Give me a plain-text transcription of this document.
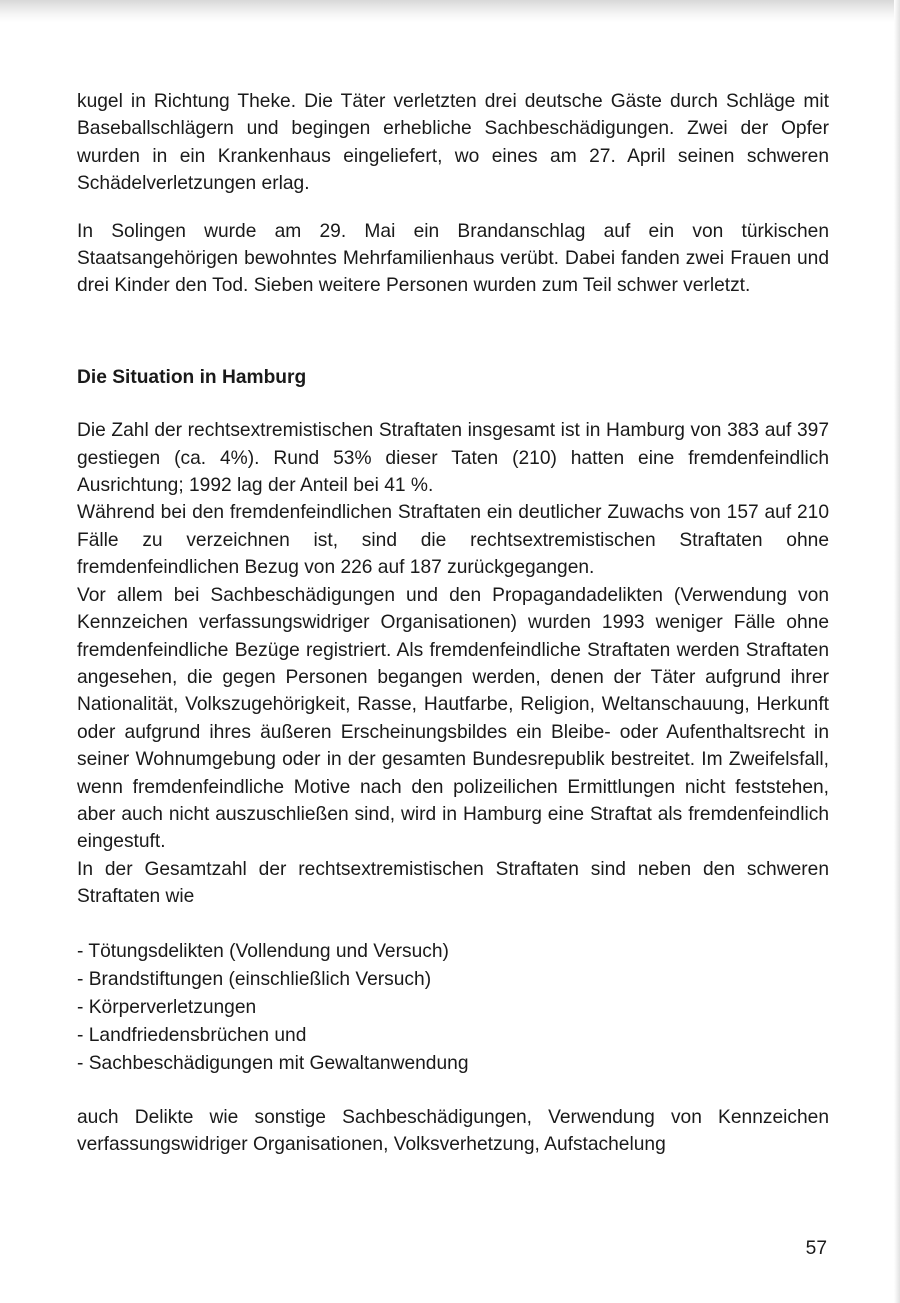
kugel in Richtung Theke. Die Täter verletzten drei deutsche Gäste durch Schläge mit Baseballschlägern und begingen erhebliche Sachbeschädigungen. Zwei der Opfer wurden in ein Krankenhaus eingeliefert, wo eines am 27. April seinen schweren Schädelverletzungen erlag.

In Solingen wurde am 29. Mai ein Brandanschlag auf ein von türkischen Staatsangehörigen bewohntes Mehrfamilienhaus verübt. Dabei fanden zwei Frauen und drei Kinder den Tod. Sieben weitere Personen wurden zum Teil schwer verletzt.

Die Situation in Hamburg

Die Zahl der rechtsextremistischen Straftaten insgesamt ist in Hamburg von 383 auf 397 gestiegen (ca. 4%). Rund 53% dieser Taten (210) hatten eine fremdenfeindlich Ausrichtung; 1992 lag der Anteil bei 41 %.

Während bei den fremdenfeindlichen Straftaten ein deutlicher Zuwachs von 157 auf 210 Fälle zu verzeichnen ist, sind die rechtsextremistischen Straftaten ohne fremdenfeindlichen Bezug von 226 auf 187 zurückgegangen.

Vor allem bei Sachbeschädigungen und den Propagandadelikten (Verwendung von Kennzeichen verfassungswidriger Organisationen) wurden 1993 weniger Fälle ohne fremdenfeindliche Bezüge registriert. Als fremdenfeindliche Straftaten werden Straftaten angesehen, die gegen Personen begangen werden, denen der Täter aufgrund ihrer Nationalität, Volkszugehörigkeit, Rasse, Hautfarbe, Religion, Weltanschauung, Herkunft oder aufgrund ihres äußeren Erscheinungsbildes ein Bleibe- oder Aufenthaltsrecht in seiner Wohnumgebung oder in der gesamten Bundesrepublik bestreitet. Im Zweifelsfall, wenn fremdenfeindliche Motive nach den polizeilichen Ermittlungen nicht feststehen, aber auch nicht auszuschließen sind, wird in Hamburg eine Straftat als fremdenfeindlich eingestuft.

In der Gesamtzahl der rechtsextremistischen Straftaten sind neben den schweren Straftaten wie

- Tötungsdelikten (Vollendung und Versuch)
- Brandstiftungen (einschließlich Versuch)
- Körperverletzungen
- Landfriedensbrüchen und
- Sachbeschädigungen mit Gewaltanwendung

auch Delikte wie sonstige Sachbeschädigungen, Verwendung von Kennzeichen verfassungswidriger Organisationen, Volksverhetzung, Aufstachelung

57
